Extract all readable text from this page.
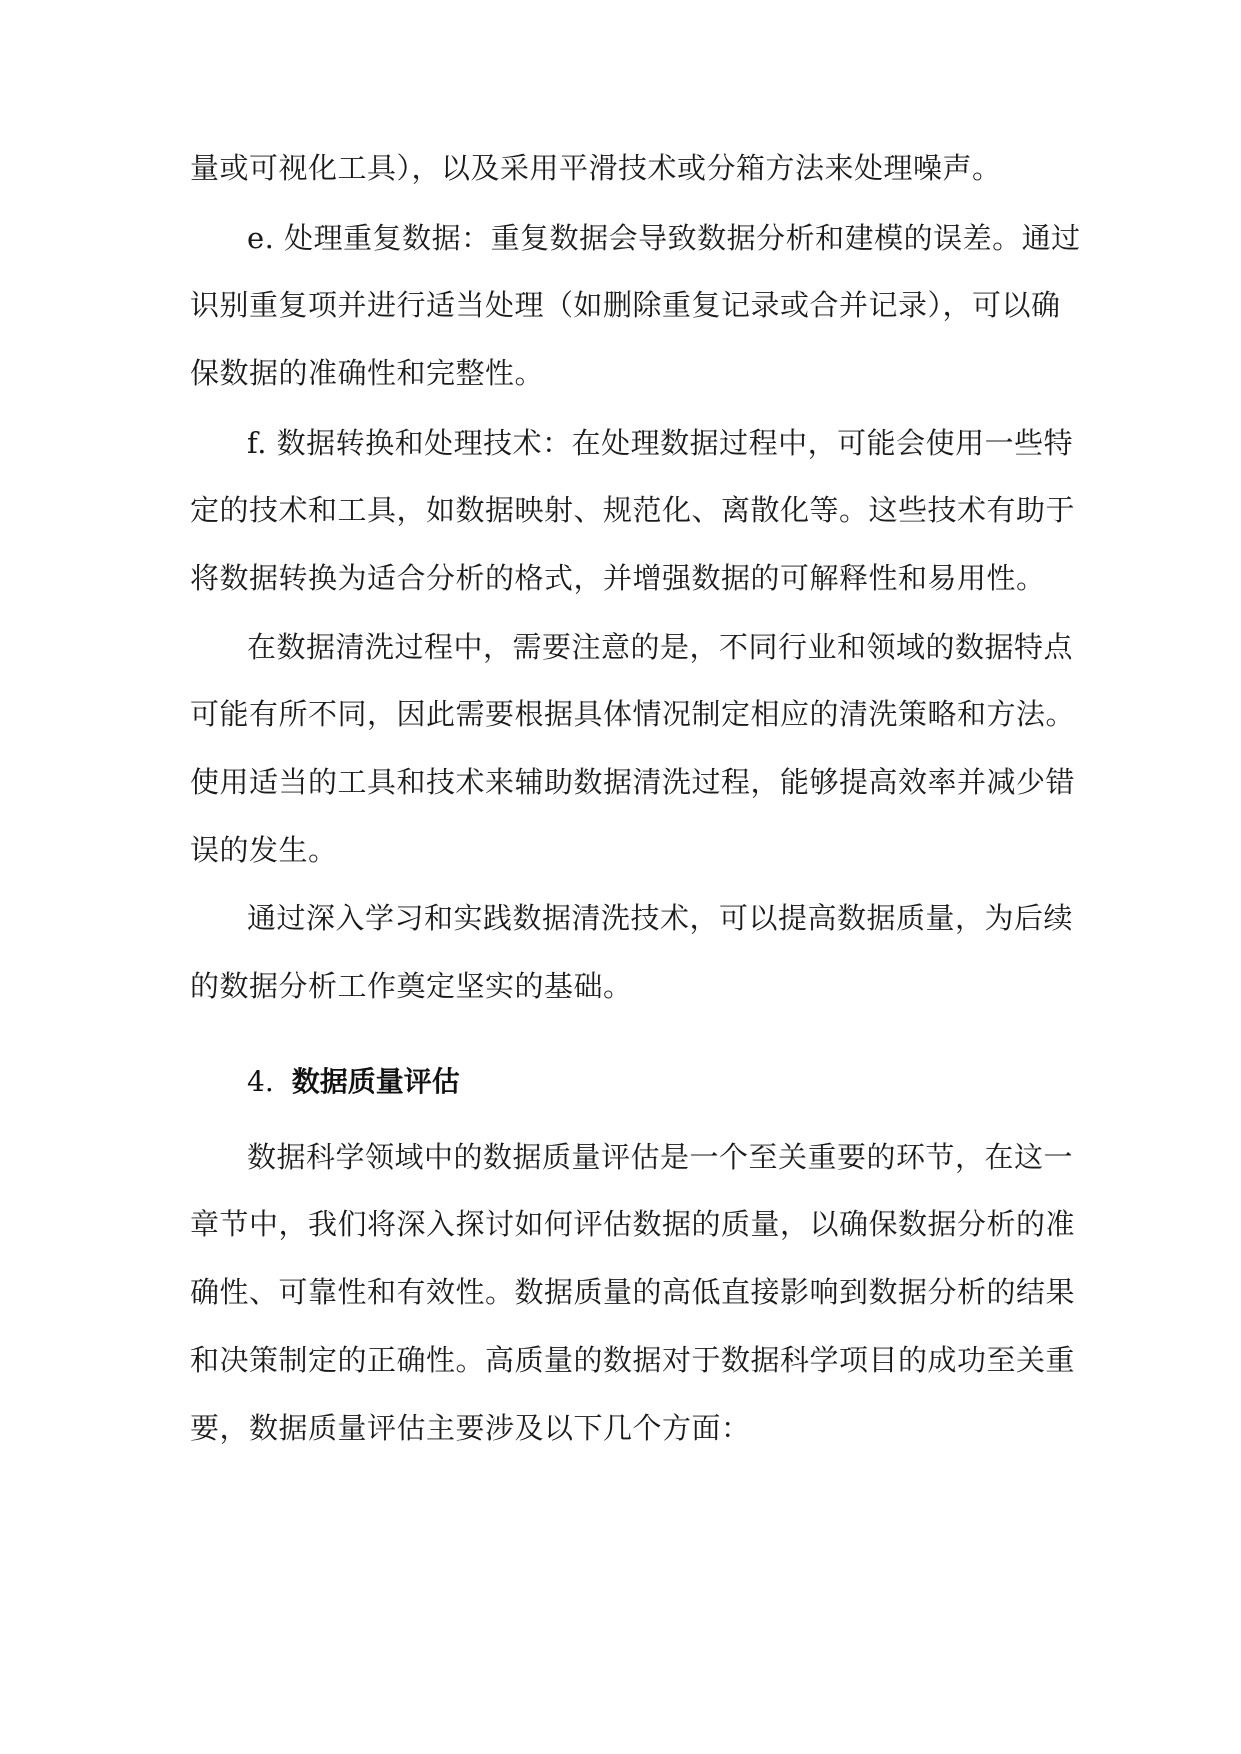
量或可视化工具），以及采用平滑技术或分箱方法来处理噪声。
e. 处理重复数据：重复数据会导致数据分析和建模的误差。通过
识别重复项并进行适当处理（如删除重复记录或合并记录），可以确
保数据的准确性和完整性。
f. 数据转换和处理技术：在处理数据过程中，可能会使用一些特
定的技术和工具，如数据映射、规范化、离散化等。这些技术有助于
将数据转换为适合分析的格式，并增强数据的可解释性和易用性。
在数据清洗过程中，需要注意的是，不同行业和领域的数据特点
可能有所不同，因此需要根据具体情况制定相应的清洗策略和方法。
使用适当的工具和技术来辅助数据清洗过程，能够提高效率并减少错
误的发生。
通过深入学习和实践数据清洗技术，可以提高数据质量，为后续
的数据分析工作奠定坚实的基础。
4. 数据质量评估
数据科学领域中的数据质量评估是一个至关重要的环节，在这一
章节中，我们将深入探讨如何评估数据的质量，以确保数据分析的准
确性、可靠性和有效性。数据质量的高低直接影响到数据分析的结果
和决策制定的正确性。高质量的数据对于数据科学项目的成功至关重
要，数据质量评估主要涉及以下几个方面：
